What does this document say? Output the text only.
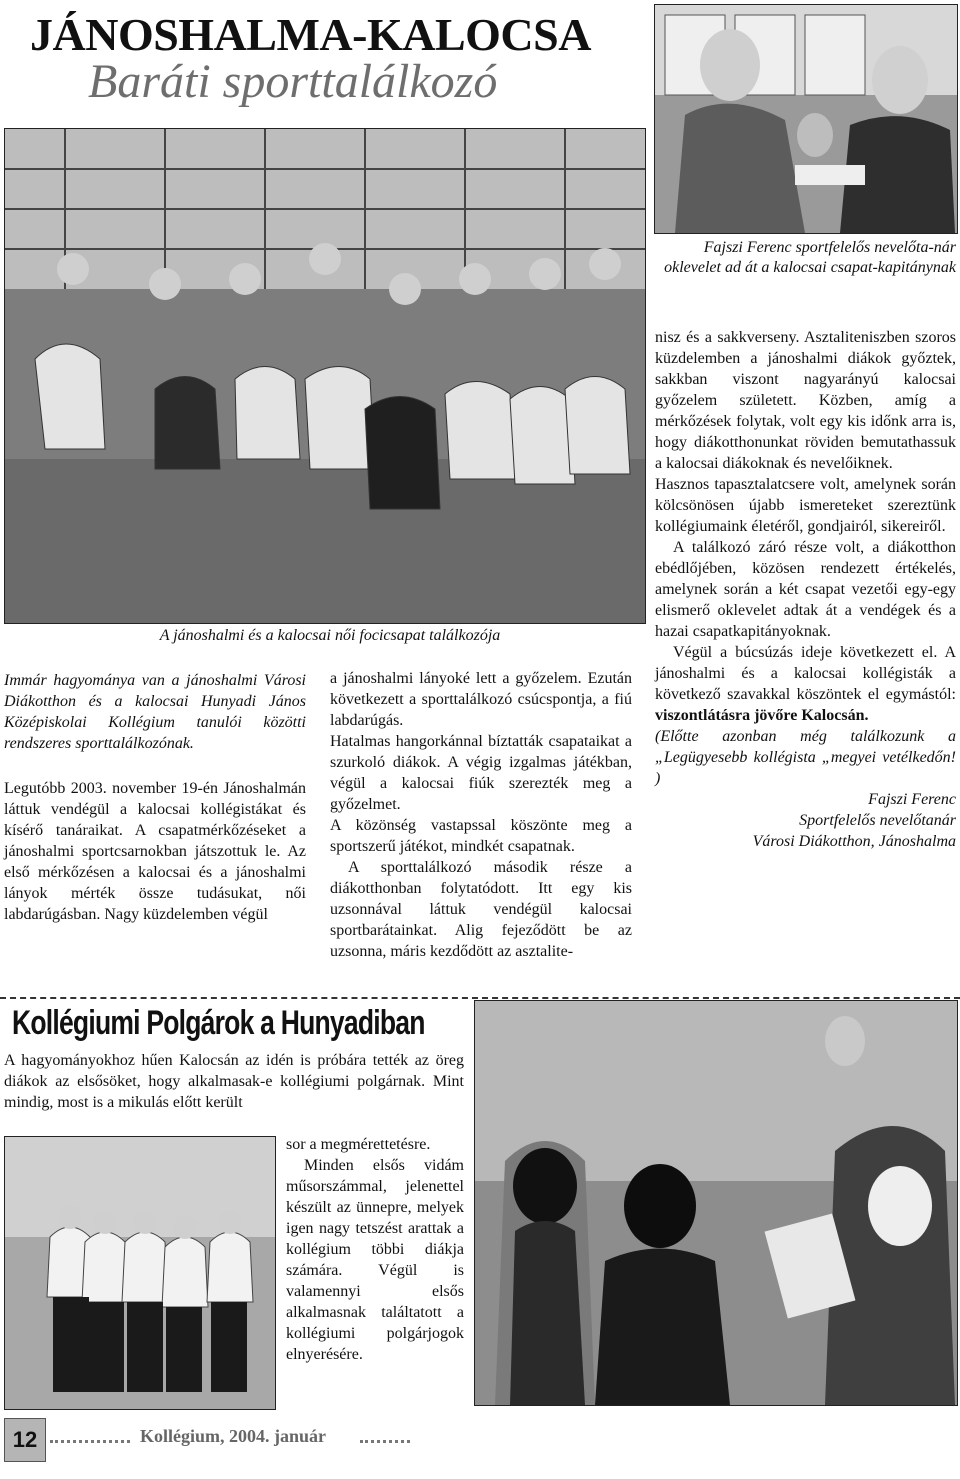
JÁNOSHALMA-KALOCSA
Baráti sporttalálkozó
Fajszi Ferenc sportfelelős nevelőta-nár oklevelet ad át a kalocsai csapat-kapitánynak
A jánoshalmi és a kalocsai női focicsapat találkozója
Immár hagyománya van a jánoshalmi Városi Diákotthon és a kalocsai Hunyadi János Középiskolai Kollégium tanulói közötti rendszeres sporttalálkozónak.
Legutóbb 2003. november 19-én Jánoshalmán láttuk vendégül a kalocsai kollégistákat és kísérő tanáraikat. A csapatmérkőzéseket a jánoshalmi sportcsarnokban játszottuk le. Az első mérkőzésen a kalocsai és a jánoshalmi lányok mérték össze tudásukat, női labdarúgásban. Nagy küzdelemben végül

a jánoshalmi lányoké lett a győzelem. Ezután következett a sporttalálkozó csúcspontja, a fiú labdarúgás.

Hatalmas hangorkánnal bíztatták csapataikat a szurkoló diákok. A végig izgalmas játékban, végül a kalocsai fiúk szerezték meg a győzelmet.

A közönség vastapssal köszönte meg a sportszerű játékot, mindkét csapatnak.

A sporttalálkozó második része a diákotthonban folytatódott. Itt egy kis uzsonnával láttuk vendégül kalocsai sportbarátainkat. Alig fejeződött be az uzsonna, máris kezdődött az asztalite-

nisz és a sakkverseny. Asztaliteniszben szoros küzdelemben a jánoshalmi diákok győztek, sakkban viszont nagyarányú kalocsai győzelem született. Közben, amíg a mérkőzések folytak, volt egy kis időnk arra is, hogy diákotthonunkat röviden bemutathassuk a kalocsai diákoknak és nevelőiknek.

Hasznos tapasztalatcsere volt, amelynek során kölcsönösen újabb ismereteket szereztünk kollégiumaink életéről, gondjairól, sikereiről.

A találkozó záró része volt, a diákotthon ebédlőjében, közösen rendezett értékelés, amelynek során a két csapat vezetői egy-egy elismerő oklevelet adtak át a vendégek és a hazai csapatkapitányoknak.

Végül a búcsúzás ideje következett el. A jánoshalmi és a kalocsai kollégisták a következő szavakkal köszöntek el egymástól: viszontlátásra jövőre Kalocsán.

(Előtte azonban még találkozunk a „Legügyesebb kollégista „megyei vetélkedőn! )

Fajszi Ferenc

Sportfelelős nevelőtanár

Városi Diákotthon, Jánoshalma

Kollégiumi Polgárok a Hunyadiban
A hagyományokhoz hűen Kalocsán az idén is próbára tették az öreg diákok az elsősöket, hogy alkalmasak-e kollégiumi polgárnak. Mint mindig, most is a mikulás előtt került

sor a megmérettetésre.

Minden elsős vidám műsorszámmal, jelenettel készült az ünnepre, melyek igen nagy tetszést arattak a kollégium többi diákja számára. Végül is valamennyi elsős alkalmasnak találtatott a kollégiumi polgárjogok elnyerésére.

12	Kollégium, 2004. január
